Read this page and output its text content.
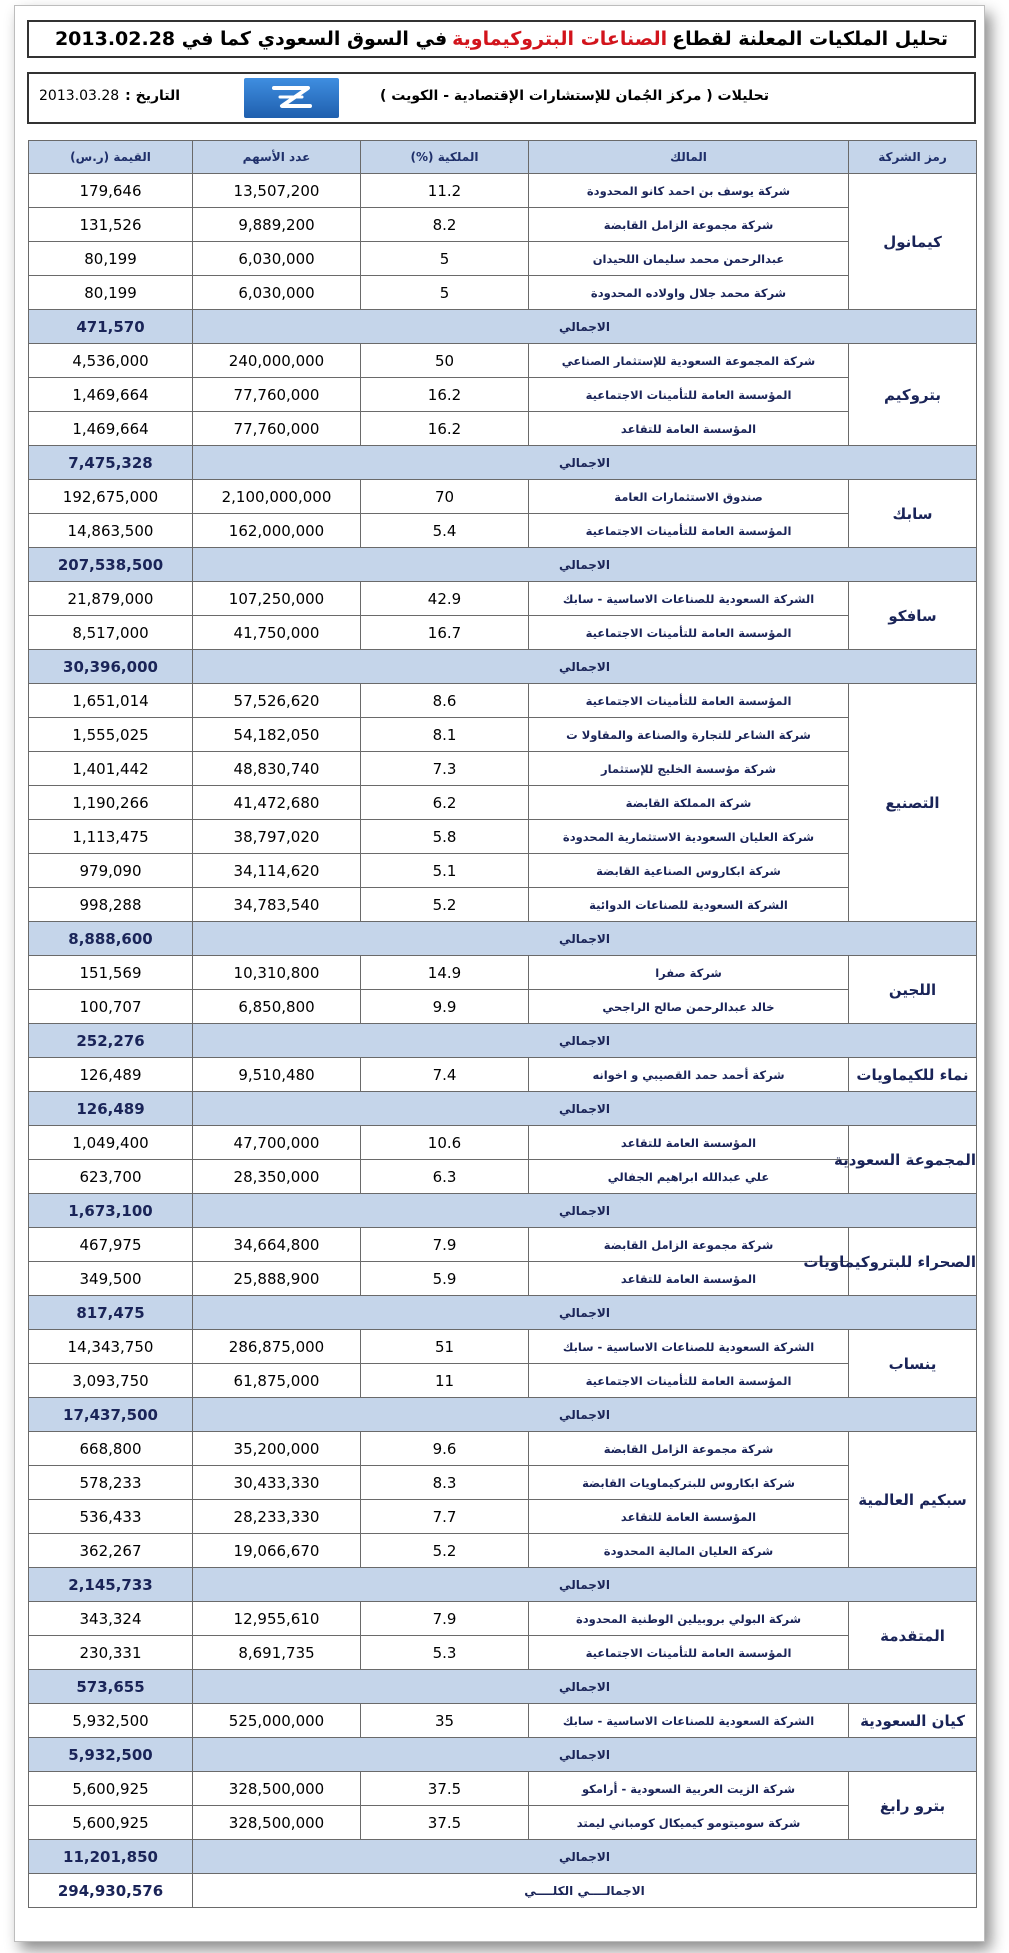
تحليل الملكيات المعلنة لقطاع
الصناعات البتروكيماوية
في السوق السعودي كما في 2013.02.28
تحليلات ( مركز الجُمان للإستشارات الإقتصادية - الكويت )
التاريخ :2013.03.28
رمز الشركة	المالك	الملكية (%)	عدد الأسهم	القيمة (ر.س)
كيمانول	شركة يوسف بن احمد كانو المحدودة	11.2	13,507,200	179,646
	شركة مجموعة الزامل القابضة	8.2	9,889,200	131,526
	عبدالرحمن محمد سليمان اللحيدان	5	6,030,000	80,199
	شركة محمد جلال واولاده المحدودة	5	6,030,000	80,199
الاجمالي				471,570
بتروكيم	شركة المجموعة السعودية للإستثمار الصناعي	50	240,000,000	4,536,000
	المؤسسة العامة للتأمينات الاجتماعية	16.2	77,760,000	1,469,664
	المؤسسة العامة للتقاعد	16.2	77,760,000	1,469,664
الاجمالي				7,475,328
سابك	صندوق الاستثمارات العامة	70	2,100,000,000	192,675,000
	المؤسسة العامة للتأمينات الاجتماعية	5.4	162,000,000	14,863,500
الاجمالي				207,538,500
سافكو	الشركة السعودية للصناعات الاساسية - سابك	42.9	107,250,000	21,879,000
	المؤسسة العامة للتأمينات الاجتماعية	16.7	41,750,000	8,517,000
الاجمالي				30,396,000
التصنيع	المؤسسة العامة للتأمينات الاجتماعية	8.6	57,526,620	1,651,014
	شركة الشاعر للتجارة والصناعة والمقاولا ت	8.1	54,182,050	1,555,025
	شركة مؤسسة الخليج للإستثمار	7.3	48,830,740	1,401,442
	شركة المملكة القابضة	6.2	41,472,680	1,190,266
	شركة العليان السعودية الاستثمارية المحدودة	5.8	38,797,020	1,113,475
	شركة ابكاروس الصناعية القابضة	5.1	34,114,620	979,090
	الشركة السعودية للصناعات الدوائية	5.2	34,783,540	998,288
الاجمالي				8,888,600
اللجين	شركة صفرا	14.9	10,310,800	151,569
	خالد عبدالرحمن صالح الراجحي	9.9	6,850,800	100,707
الاجمالي				252,276
نماء للكيماويات	شركة أحمد حمد القصيبي و اخوانه	7.4	9,510,480	126,489
الاجمالي				126,489
المجموعة السعودية	المؤسسة العامة للتقاعد	10.6	47,700,000	1,049,400
	علي عبدالله ابراهيم الجفالي	6.3	28,350,000	623,700
الاجمالي				1,673,100
الصحراء للبتروكيماويات	شركة مجموعة الزامل القابضة	7.9	34,664,800	467,975
	المؤسسة العامة للتقاعد	5.9	25,888,900	349,500
الاجمالي				817,475
ينساب	الشركة السعودية للصناعات الاساسية - سابك	51	286,875,000	14,343,750
	المؤسسة العامة للتأمينات الاجتماعية	11	61,875,000	3,093,750
الاجمالي				17,437,500
سبكيم العالمية	شركة مجموعة الزامل القابضة	9.6	35,200,000	668,800
	شركة ابكاروس للبتركيماويات القابضة	8.3	30,433,330	578,233
	المؤسسة العامة للتقاعد	7.7	28,233,330	536,433
	شركة العليان المالية المحدودة	5.2	19,066,670	362,267
الاجمالي				2,145,733
المتقدمة	شركة البولي بروبيلين الوطنية المحدودة	7.9	12,955,610	343,324
	المؤسسة العامة للتأمينات الاجتماعية	5.3	8,691,735	230,331
الاجمالي				573,655
كيان السعودية	الشركة السعودية للصناعات الاساسية - سابك	35	525,000,000	5,932,500
الاجمالي				5,932,500
بترو رابغ	شركة الزيت العربية السعودية - أرامكو	37.5	328,500,000	5,600,925
	شركة سوميتومو كيميكال كومباني ليمتد	37.5	328,500,000	5,600,925
الاجمالي				11,201,850
الاجمالــــي الكلــــي				294,930,576
